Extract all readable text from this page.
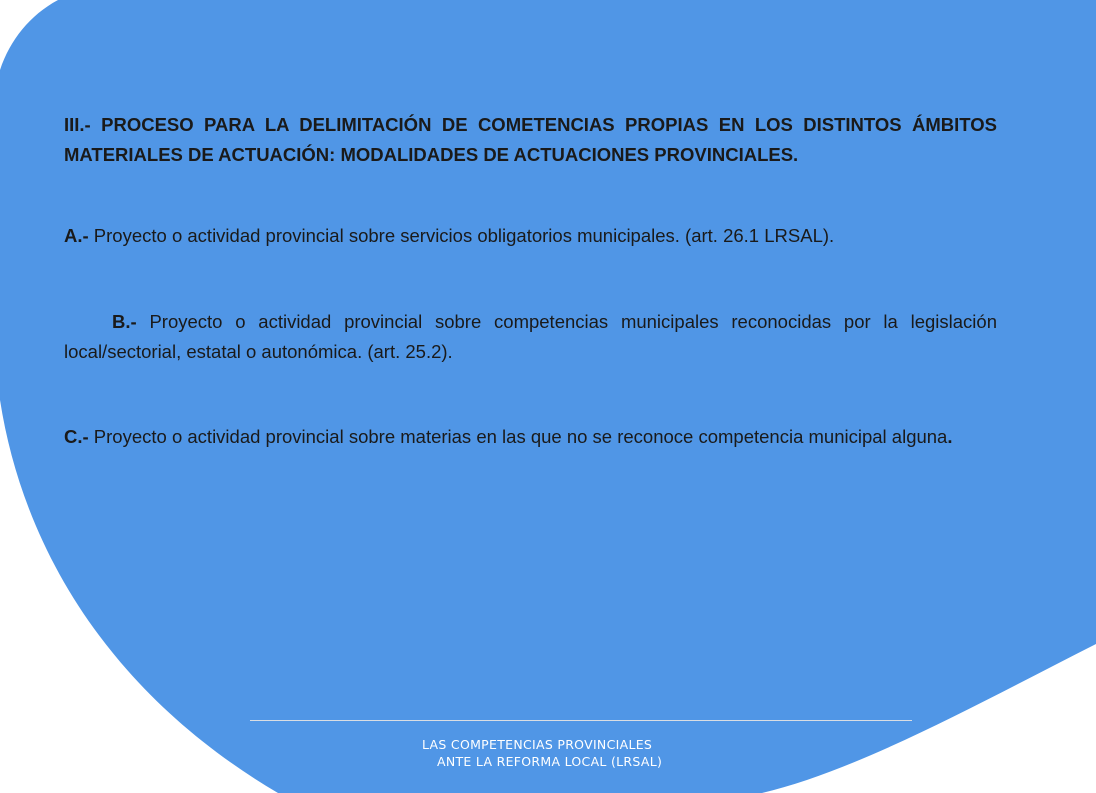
III.- PROCESO PARA LA DELIMITACIÓN DE COMETENCIAS PROPIAS EN LOS DISTINTOS ÁMBITOS MATERIALES DE ACTUACIÓN: MODALIDADES DE ACTUACIONES PROVINCIALES.

A.- Proyecto o actividad provincial sobre servicios obligatorios municipales. (art. 26.1 LRSAL).

B.- Proyecto o actividad provincial sobre competencias municipales reconocidas por la legislación local/sectorial, estatal o autonómica. (art. 25.2).

C.- Proyecto o actividad provincial sobre materias en las que no se reconoce competencia municipal alguna.

LAS COMPETENCIAS PROVINCIALES
ANTE LA REFORMA LOCAL (LRSAL)
